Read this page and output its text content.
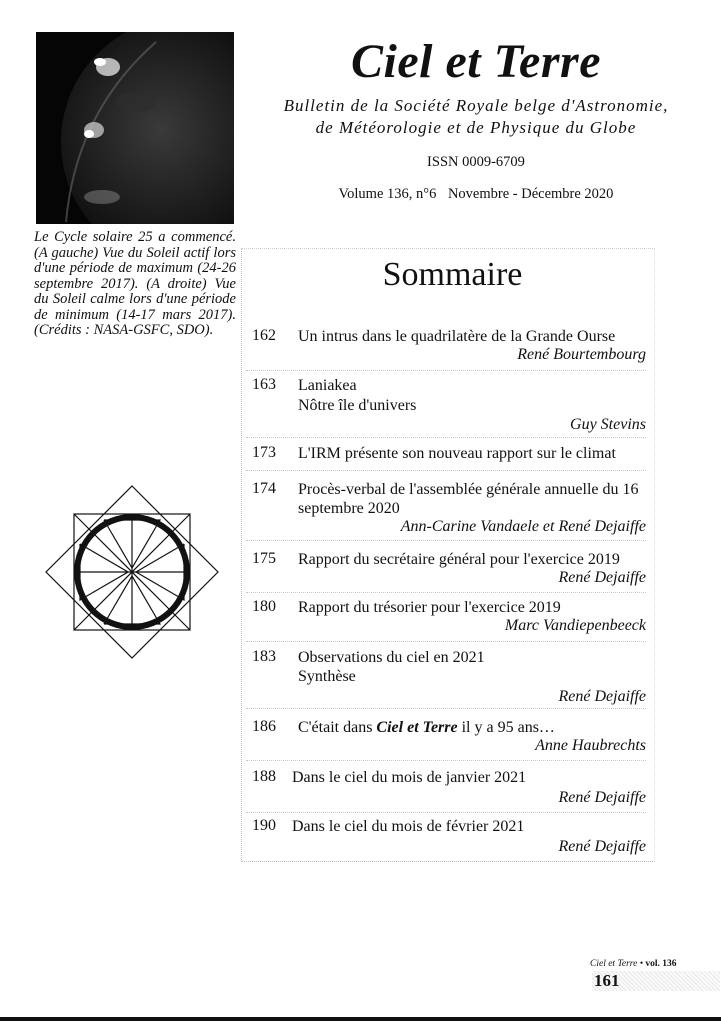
Le Cycle solaire 25 a commencé. (A gauche) Vue du Soleil actif lors d'une période de maximum (24-26 septembre 2017). (A droite) Vue du Soleil calme lors d'une période de minimum (14-17 mars 2017). (Crédits : NASA-GSFC, SDO).
Ciel et Terre
Bulletin de la Société Royale belge d'Astronomie,
de Météorologie et de Physique du Globe
ISSN 0009-6709
Volume 136, n°6 Novembre - Décembre 2020
Sommaire
162 Un intrus dans le quadrilatère de la Grande Ourse
René Bourtembourg
163 Laniakea
Nôtre île d'univers
Guy Stevins
173 L'IRM présente son nouveau rapport sur le climat
174 Procès-verbal de l'assemblée générale annuelle du 16 septembre 2020
Ann-Carine Vandaele et René Dejaiffe
175 Rapport du secrétaire général pour l'exercice 2019
René Dejaiffe
180 Rapport du trésorier pour l'exercice 2019
Marc Vandiepenbeeck
183 Observations du ciel en 2021
Synthèse
René Dejaiffe
186 C'était dans Ciel et Terre il y a 95 ans…
Anne Haubrechts
188 Dans le ciel du mois de janvier 2021
René Dejaiffe
190 Dans le ciel du mois de février 2021
René Dejaiffe
Ciel et Terre • vol. 136
161
